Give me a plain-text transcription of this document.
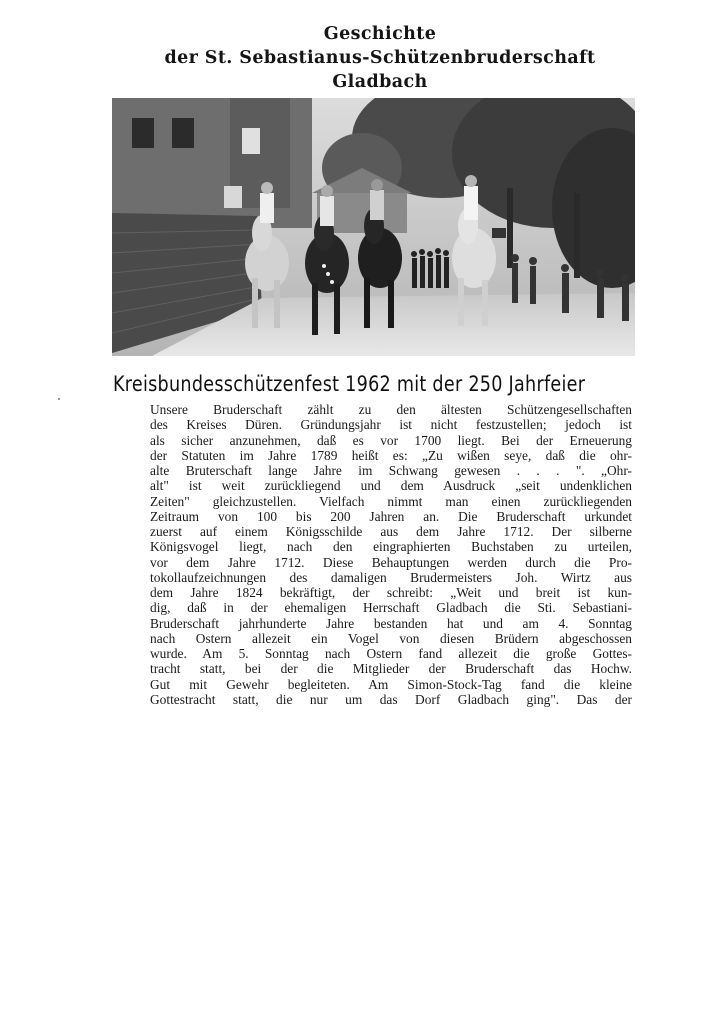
Geschichte
der St. Sebastianus-Schützenbruderschaft
Gladbach
Kreisbundesschützenfest 1962 mit der 250 Jahrfeier
Unsere Bruderschaft zählt zu den ältesten Schützengesellschaften
des Kreises Düren. Gründungsjahr ist nicht festzustellen; jedoch ist
als sicher anzunehmen, daß es vor 1700 liegt. Bei der Erneuerung
der Statuten im Jahre 1789 heißt es: „Zu wißen seye, daß die ohr-
alte Bruterschaft lange Jahre im Schwang gewesen . . . ". „Ohr-
alt" ist weit zurückliegend und dem Ausdruck „seit undenklichen
Zeiten" gleichzustellen. Vielfach nimmt man einen zurückliegenden
Zeitraum von 100 bis 200 Jahren an. Die Bruderschaft urkundet
zuerst auf einem Königsschilde aus dem Jahre 1712. Der silberne
Königsvogel liegt, nach den eingraphierten Buchstaben zu urteilen,
vor dem Jahre 1712. Diese Behauptungen werden durch die Pro-
tokollaufzeichnungen des damaligen Brudermeisters Joh. Wirtz aus
dem Jahre 1824 bekräftigt, der schreibt: „Weit und breit ist kun-
dig, daß in der ehemaligen Herrschaft Gladbach die Sti. Sebastiani-
Bruderschaft jahrhunderte Jahre bestanden hat und am 4. Sonntag
nach Ostern allezeit ein Vogel von diesen Brüdern abgeschossen
wurde. Am 5. Sonntag nach Ostern fand allezeit die große Gottes-
tracht statt, bei der die Mitglieder der Bruderschaft das Hochw.
Gut mit Gewehr begleiteten. Am Simon-Stock-Tag fand die kleine
Gottestracht statt, die nur um das Dorf Gladbach ging". Das der
